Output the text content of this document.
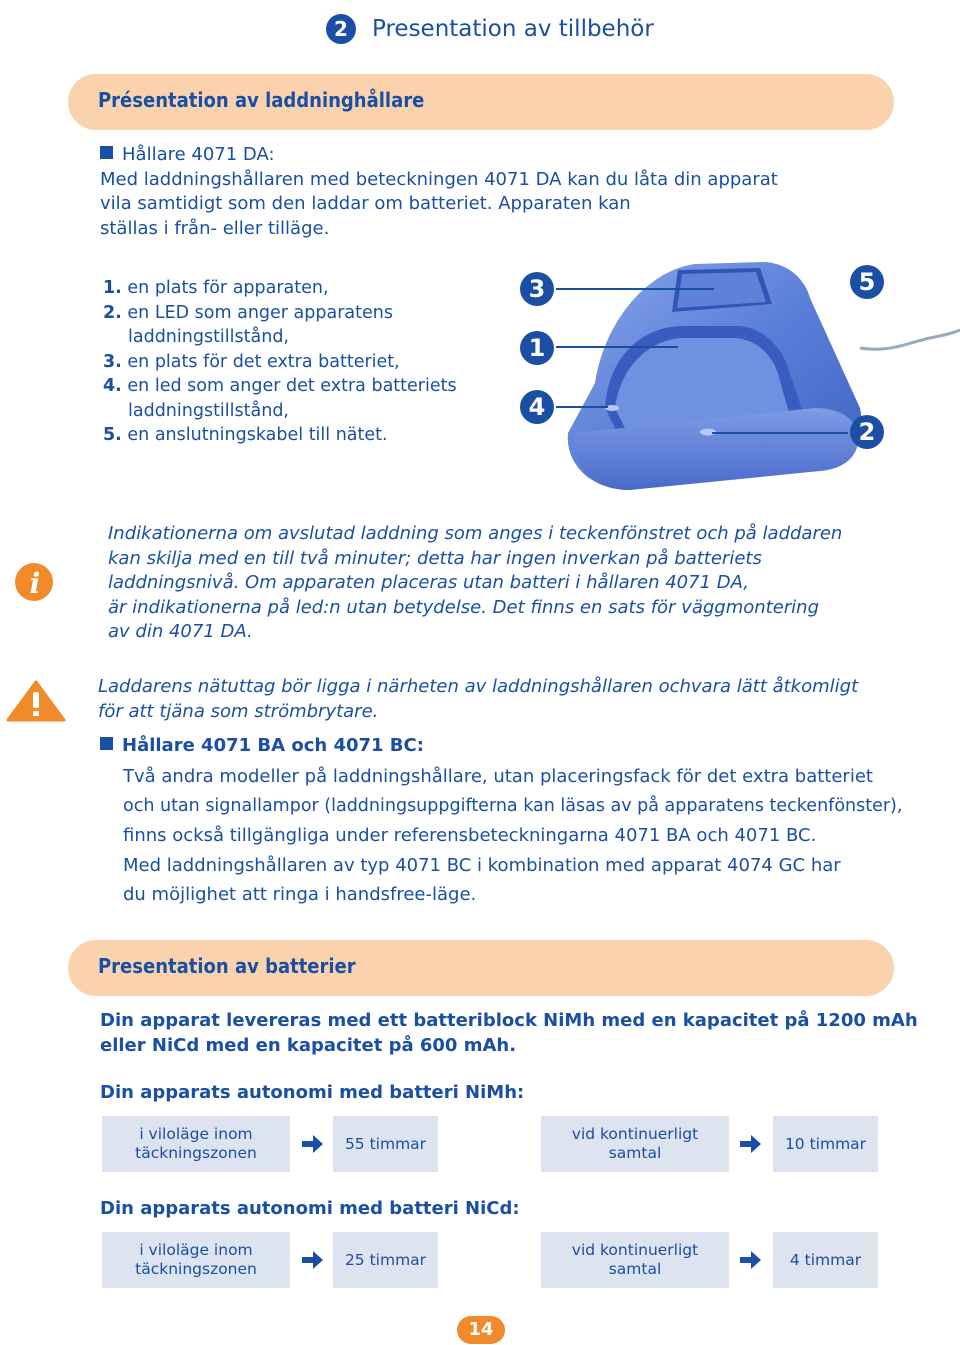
2	Presentation av tillbehör
Présentation av laddninghållare
Hållare 4071 DA:
Med laddningshållaren med beteckningen 4071 DA kan du låta din apparat
vila samtidigt som den laddar om batteriet. Apparaten kan
ställas i från- eller tilläge.
1. en plats för apparaten,
2. en LED som anger apparatens
laddningstillstånd,
3. en plats för det extra batteriet,
4. en led som anger det extra batteriets
laddningstillstånd,
5. en anslutningskabel till nätet.
3
1
4
5
2
i
Indikationerna om avslutad laddning som anges i teckenfönstret och på laddaren
kan skilja med en till två minuter; detta har ingen inverkan på batteriets
laddningsnivå. Om apparaten placeras utan batteri i hållaren 4071 DA,
är indikationerna på led:n utan betydelse. Det finns en sats för väggmontering
av din 4071 DA.
Laddarens nätuttag bör ligga i närheten av laddningshållaren ochvara lätt åtkomligt
för att tjäna som strömbrytare.
Hållare 4071 BA och 4071 BC:
Två andra modeller på laddningshållare, utan placeringsfack för det extra batteriet
och utan signallampor (laddningsuppgifterna kan läsas av på apparatens teckenfönster),
finns också tillgängliga under referensbeteckningarna 4071 BA och 4071 BC.
Med laddningshållaren av typ 4071 BC i kombination med apparat 4074 GC har
du möjlighet att ringa i handsfree-läge.
Presentation av batterier
Din apparat levereras med ett batteriblock NiMh med en kapacitet på 1200 mAh
eller NiCd med en kapacitet på 600 mAh.
Din apparats autonomi med batteri NiMh:
i viloläge inom
täckningszonen
55 timmar
vid kontinuerligt
samtal
10 timmar
Din apparats autonomi med batteri NiCd:
i viloläge inom
täckningszonen
25 timmar
vid kontinuerligt
samtal
4 timmar
14
